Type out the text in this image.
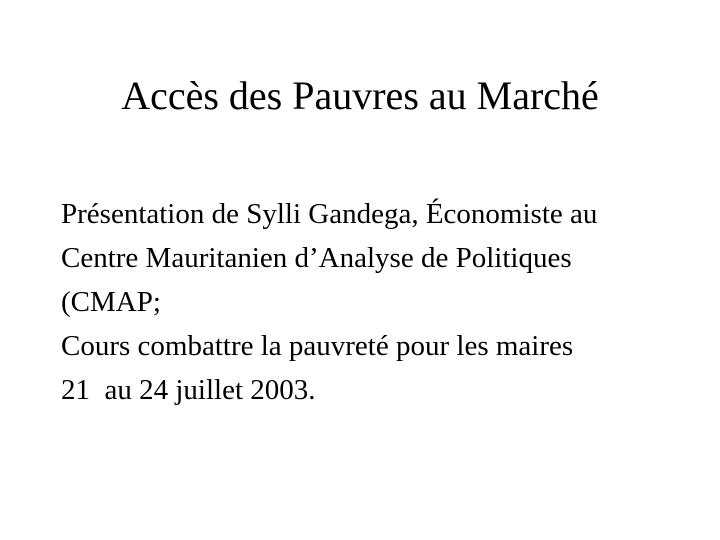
Accès des Pauvres au Marché
Présentation de Sylli Gandega, Économiste au
Centre Mauritanien d’Analyse de Politiques
(CMAP;
Cours combattre la pauvreté pour les maires
21  au 24 juillet 2003.
